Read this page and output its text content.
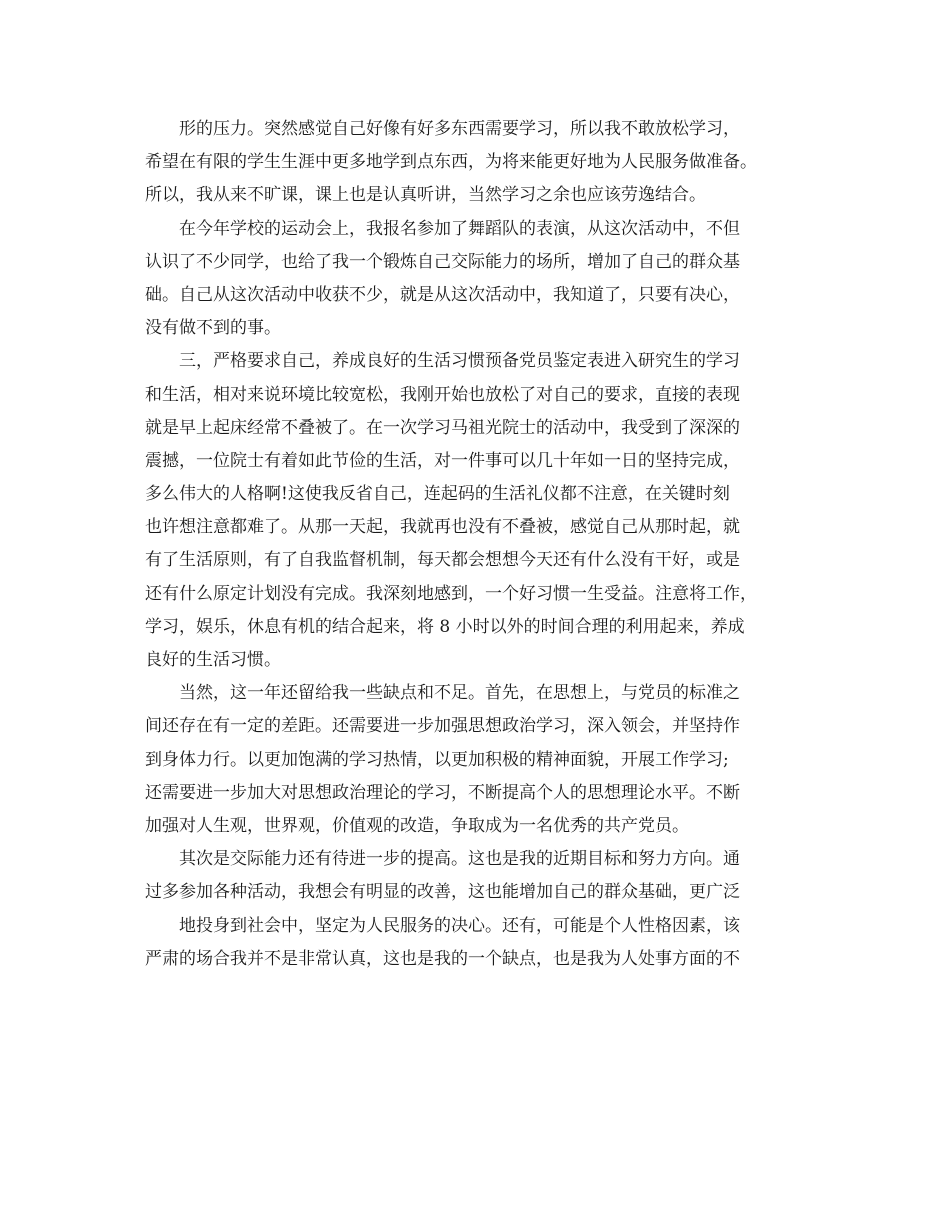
形的压力。突然感觉自己好像有好多东西需要学习，所以我不敢放松学习，
希望在有限的学生生涯中更多地学到点东西，为将来能更好地为人民服务做准备。
所以，我从来不旷课，课上也是认真听讲，当然学习之余也应该劳逸结合。
在今年学校的运动会上，我报名参加了舞蹈队的表演，从这次活动中，不但
认识了不少同学，也给了我一个锻炼自己交际能力的场所，增加了自己的群众基
础。自己从这次活动中收获不少，就是从这次活动中，我知道了，只要有决心，
没有做不到的事。
三，严格要求自己，养成良好的生活习惯预备党员鉴定表进入研究生的学习
和生活，相对来说环境比较宽松，我刚开始也放松了对自己的要求，直接的表现
就是早上起床经常不叠被了。在一次学习马祖光院士的活动中，我受到了深深的
震撼，一位院士有着如此节俭的生活，对一件事可以几十年如一日的坚持完成，
多么伟大的人格啊!这使我反省自己，连起码的生活礼仪都不注意，在关键时刻
也许想注意都难了。从那一天起，我就再也没有不叠被，感觉自己从那时起，就
有了生活原则，有了自我监督机制，每天都会想想今天还有什么没有干好，或是
还有什么原定计划没有完成。我深刻地感到，一个好习惯一生受益。注意将工作，
学习，娱乐，休息有机的结合起来，将 8 小时以外的时间合理的利用起来，养成
良好的生活习惯。
当然，这一年还留给我一些缺点和不足。首先，在思想上，与党员的标准之
间还存在有一定的差距。还需要进一步加强思想政治学习，深入领会，并坚持作
到身体力行。以更加饱满的学习热情，以更加积极的精神面貌，开展工作学习;
还需要进一步加大对思想政治理论的学习，不断提高个人的思想理论水平。不断
加强对人生观，世界观，价值观的改造，争取成为一名优秀的共产党员。
其次是交际能力还有待进一步的提高。这也是我的近期目标和努力方向。通
过多参加各种活动，我想会有明显的改善，这也能增加自己的群众基础，更广泛
地投身到社会中，坚定为人民服务的决心。还有，可能是个人性格因素，该
严肃的场合我并不是非常认真，这也是我的一个缺点，也是我为人处事方面的不
